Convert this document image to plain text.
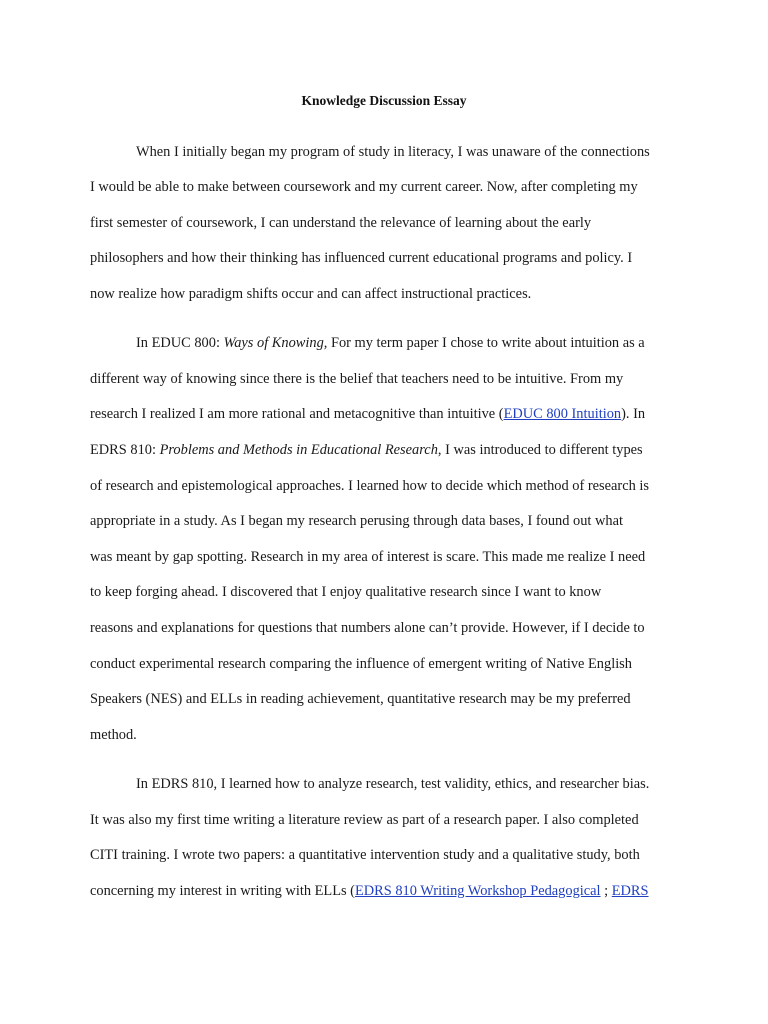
Knowledge Discussion Essay
When I initially began my program of study in literacy, I was unaware of the connections
I would be able to make between coursework and my current career. Now, after completing my
first semester of coursework, I can understand the relevance of learning about the early
philosophers and how their thinking has influenced current educational programs and policy. I
now realize how paradigm shifts occur and can affect instructional practices.
In EDUC 800: Ways of Knowing, For my term paper I chose to write about intuition as a
different way of knowing since there is the belief that teachers need to be intuitive. From my
research I realized I am more rational and metacognitive than intuitive (EDUC 800 Intuition). In
EDRS 810: Problems and Methods in Educational Research, I was introduced to different types
of research and epistemological approaches. I learned how to decide which method of research is
appropriate in a study. As I began my research perusing through data bases, I found out what
was meant by gap spotting. Research in my area of interest is scare. This made me realize I need
to keep forging ahead. I discovered that I enjoy qualitative research since I want to know
reasons and explanations for questions that numbers alone can’t provide. However, if I decide to
conduct experimental research comparing the influence of emergent writing of Native English
Speakers (NES) and ELLs in reading achievement, quantitative research may be my preferred
method.
In EDRS 810, I learned how to analyze research, test validity, ethics, and researcher bias.
It was also my first time writing a literature review as part of a research paper. I also completed
CITI training. I wrote two papers: a quantitative intervention study and a qualitative study, both
concerning my interest in writing with ELLs (EDRS 810 Writing Workshop Pedagogical ; EDRS
